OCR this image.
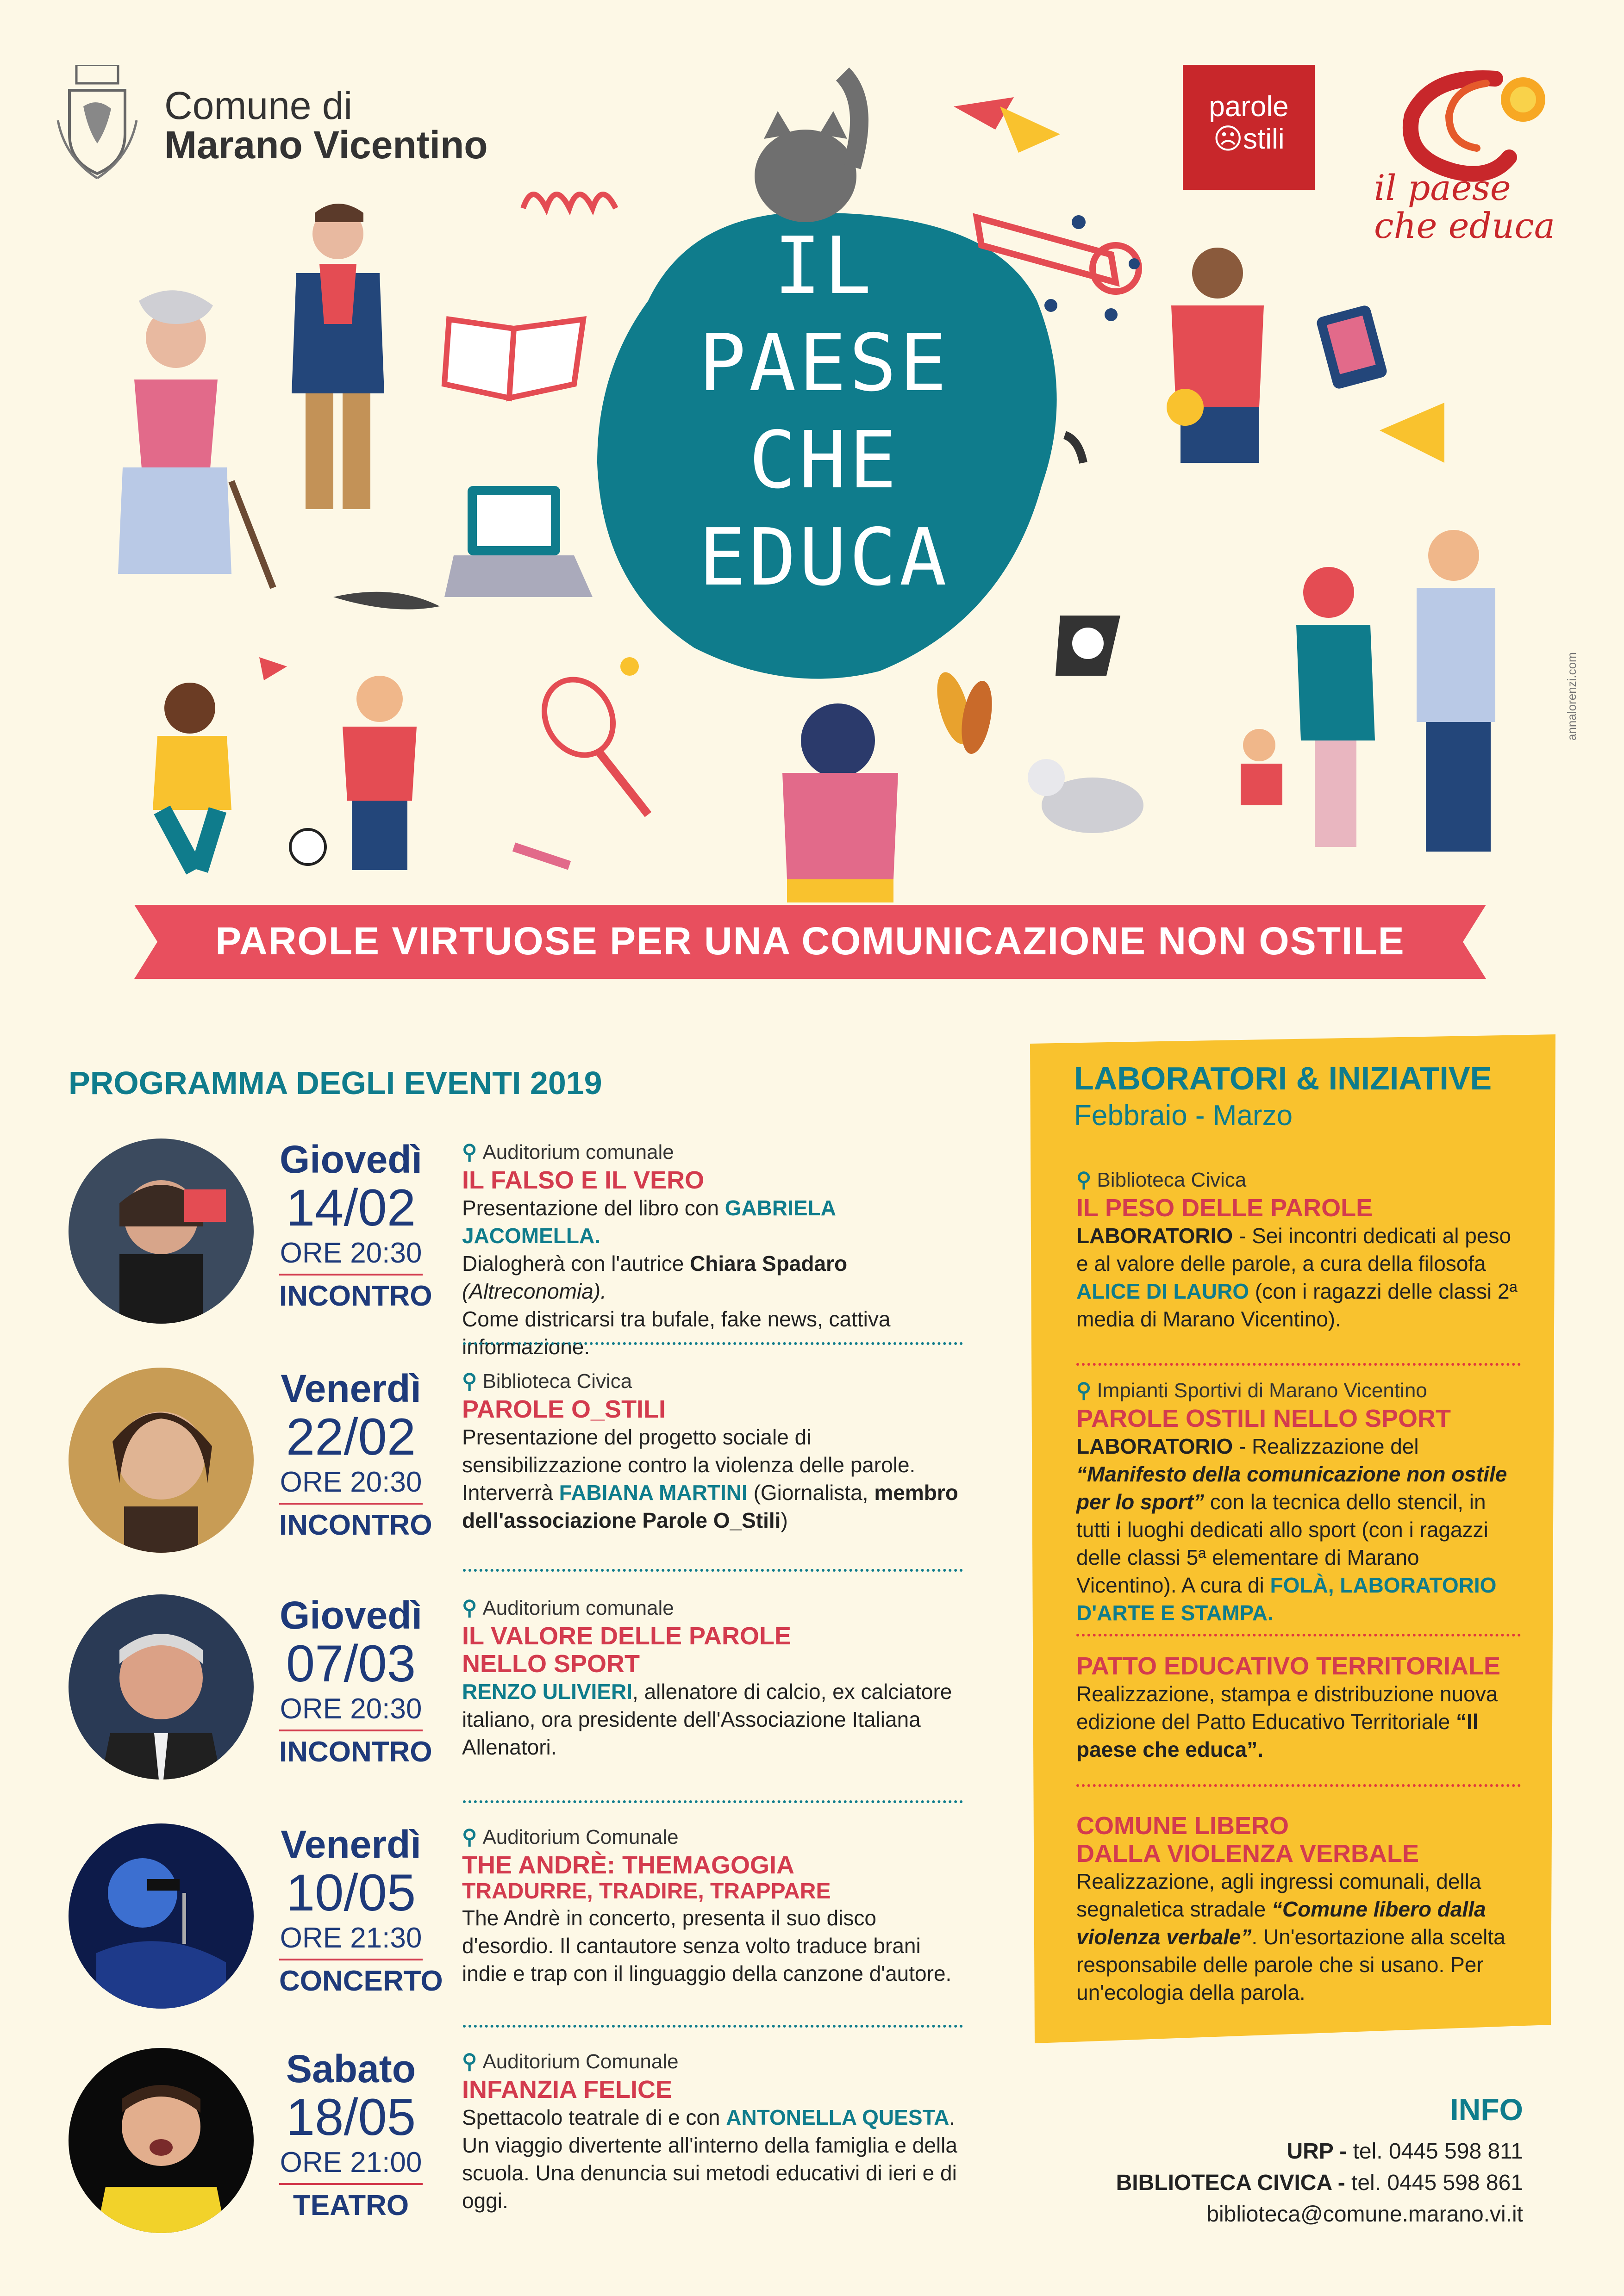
Comune di
Marano Vicentino
parole
☹stili
il paese
che educa
IL
PAESE
CHE
EDUCA
PAROLE VIRTUOSE PER UNA COMUNICAZIONE NON OSTILE
PROGRAMMA DEGLI EVENTI 2019
Giovedì
14/02
ORE 20:30
INCONTRO
⚲ Auditorium comunale
IL FALSO E IL VERO
Presentazione del libro con GABRIELA JACOMELLA.
Dialogherà con l'autrice Chiara Spadaro (Altreconomia).
Come districarsi tra bufale, fake news, cattiva informazione.
Venerdì
22/02
ORE 20:30
INCONTRO
⚲ Biblioteca Civica
PAROLE O_STILI
Presentazione del progetto sociale di sensibilizzazione contro la violenza delle parole. Interverrà FABIANA MARTINI (Giornalista, membro dell'associazione Parole O_Stili)
Giovedì
07/03
ORE 20:30
INCONTRO
⚲ Auditorium comunale
IL VALORE DELLE PAROLE
NELLO SPORT
RENZO ULIVIERI, allenatore di calcio, ex calciatore italiano, ora presidente dell'Associazione Italiana Allenatori.
Venerdì
10/05
ORE 21:30
CONCERTO
⚲ Auditorium Comunale
THE ANDRÈ: THEMAGOGIA
TRADURRE, TRADIRE, TRAPPARE
The Andrè in concerto, presenta il suo disco d'esordio. Il cantautore senza volto traduce brani indie e trap con il linguaggio della canzone d'autore.
Sabato
18/05
ORE 21:00
TEATRO
⚲ Auditorium Comunale
INFANZIA FELICE
Spettacolo teatrale di e con ANTONELLA QUESTA. Un viaggio divertente all'interno della famiglia e della scuola. Una denuncia sui metodi educativi di ieri e di oggi.
LABORATORI & INIZIATIVE
Febbraio - Marzo
⚲ Biblioteca Civica
IL PESO DELLE PAROLE
LABORATORIO - Sei incontri dedicati al peso e al valore delle parole, a cura della filosofa ALICE DI LAURO (con i ragazzi delle classi 2ª media di Marano Vicentino).
⚲ Impianti Sportivi di Marano Vicentino
PAROLE OSTILI NELLO SPORT
LABORATORIO - Realizzazione del “Manifesto della comunicazione non ostile per lo sport” con la tecnica dello stencil, in tutti i luoghi dedicati allo sport (con i ragazzi delle classi 5ª elementare di Marano Vicentino). A cura di FOLÀ, LABORATORIO D'ARTE E STAMPA.
PATTO EDUCATIVO TERRITORIALE
Realizzazione, stampa e distribuzione nuova edizione del Patto Educativo Territoriale “Il paese che educa”.
COMUNE LIBERO
DALLA VIOLENZA VERBALE
Realizzazione, agli ingressi comunali, della segnaletica stradale “Comune libero dalla violenza verbale”. Un'esortazione alla scelta responsabile delle parole che si usano. Per un'ecologia della parola.
INFO
URP - tel. 0445 598 811
BIBLIOTECA CIVICA - tel. 0445 598 861
biblioteca@comune.marano.vi.it
annalorenzi.com
